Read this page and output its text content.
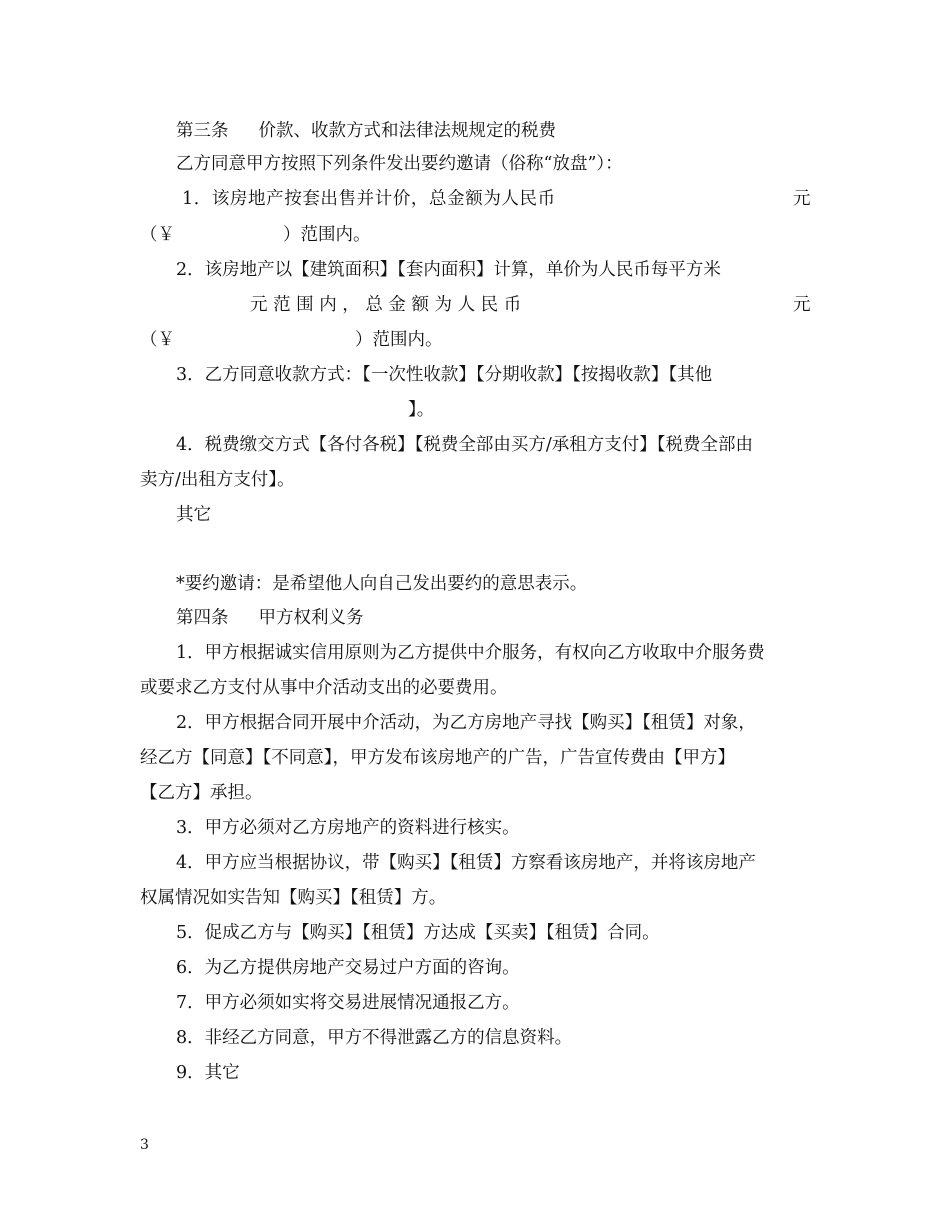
第三条 价款、收款方式和法律法规规定的税费
乙方同意甲方按照下列条件发出要约邀请（俗称“放盘”）：
1．该房地产按套出售并计价，总金额为人民币	元
（￥	）范围内。
2．该房地产以【建筑面积】【套内面积】计算，单价为人民币每平方米
元 范 围 内 ， 总 金 额 为 人 民 币	元
（￥	）范围内。
3．乙方同意收款方式：【一次性收款】【分期收款】【按揭收款】【其他
】。
4．税费缴交方式【各付各税】【税费全部由买方/承租方支付】【税费全部由
卖方/出租方支付】。
其它
*要约邀请：是希望他人向自己发出要约的意思表示。
第四条 甲方权利义务
1．甲方根据诚实信用原则为乙方提供中介服务，有权向乙方收取中介服务费
或要求乙方支付从事中介活动支出的必要费用。
2．甲方根据合同开展中介活动，为乙方房地产寻找【购买】【租赁】对象，
经乙方【同意】【不同意】，甲方发布该房地产的广告，广告宣传费由【甲方】
【乙方】承担。
3．甲方必须对乙方房地产的资料进行核实。
4．甲方应当根据协议，带【购买】【租赁】方察看该房地产，并将该房地产
权属情况如实告知【购买】【租赁】方。
5．促成乙方与【购买】【租赁】方达成【买卖】【租赁】合同。
6．为乙方提供房地产交易过户方面的咨询。
7．甲方必须如实将交易进展情况通报乙方。
8．非经乙方同意，甲方不得泄露乙方的信息资料。
9．其它
3
